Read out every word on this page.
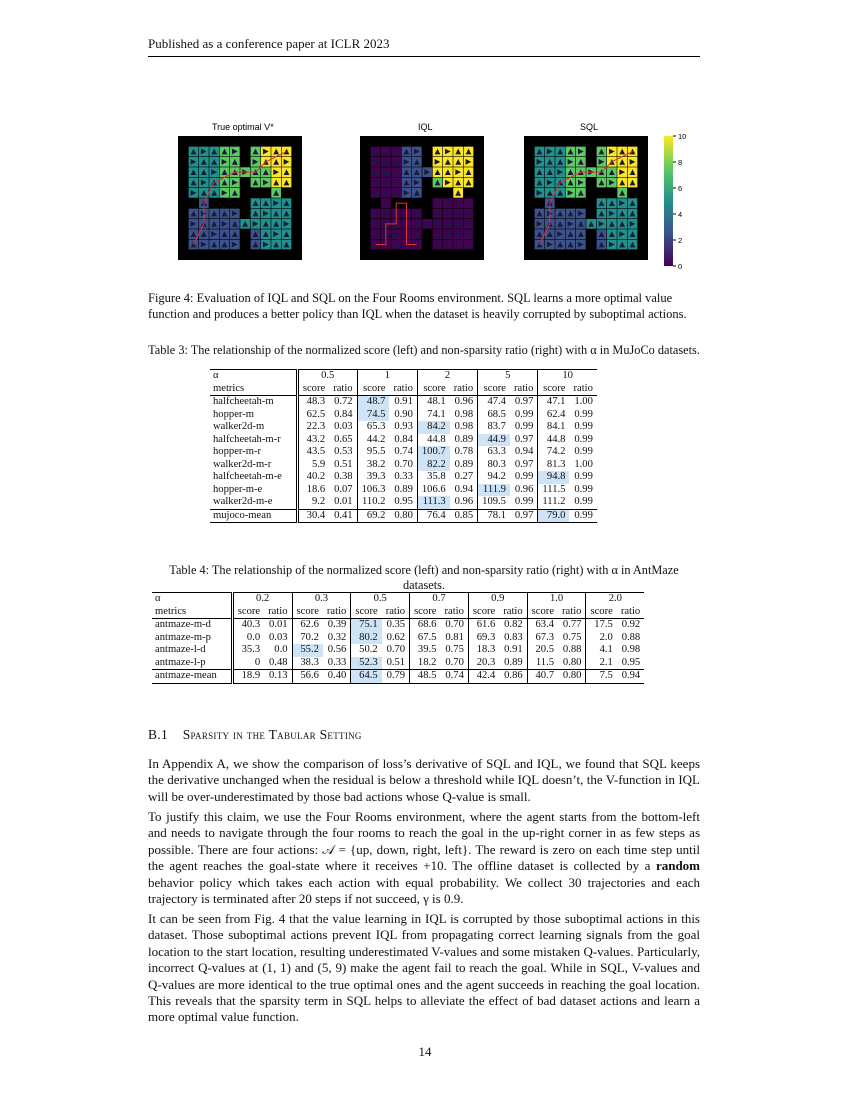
Published as a conference paper at ICLR 2023
True optimal V*	IQL	SQL
10
8
6
4
2
0
Figure 4: Evaluation of IQL and SQL on the Four Rooms environment. SQL learns a more optimal value function and produces a better policy than IQL when the dataset is heavily corrupted by suboptimal actions.
Table 3: The relationship of the normalized score (left) and non-sparsity ratio (right) with α in MuJoCo datasets.
α	0.5		1		2		5		10	
metrics	score	ratio	score	ratio	score	ratio	score	ratio	score	ratio
halfcheetah-m	48.3	0.72	48.7	0.91	48.1	0.96	47.4	0.97	47.1	1.00
hopper-m	62.5	0.84	74.5	0.90	74.1	0.98	68.5	0.99	62.4	0.99
walker2d-m	22.3	0.03	65.3	0.93	84.2	0.98	83.7	0.99	84.1	0.99
halfcheetah-m-r	43.2	0.65	44.2	0.84	44.8	0.89	44.9	0.97	44.8	0.99
hopper-m-r	43.5	0.53	95.5	0.74	100.7	0.78	63.3	0.94	74.2	0.99
walker2d-m-r	5.9	0.51	38.2	0.70	82.2	0.89	80.3	0.97	81.3	1.00
halfcheetah-m-e	40.2	0.38	39.3	0.33	35.8	0.27	94.2	0.99	94.8	0.99
hopper-m-e	18.6	0.07	106.3	0.89	106.6	0.94	111.9	0.96	111.5	0.99
walker2d-m-e	9.2	0.01	110.2	0.95	111.3	0.96	109.5	0.99	111.2	0.99
mujoco-mean	30.4	0.41	69.2	0.80	76.4	0.85	78.1	0.97	79.0	0.99
Table 4: The relationship of the normalized score (left) and non-sparsity ratio (right) with α in AntMaze datasets.
α	0.2		0.3		0.5		0.7		0.9		1.0		2.0	
metrics	score	ratio	score	ratio	score	ratio	score	ratio	score	ratio	score	ratio	score	ratio
antmaze-m-d	40.3	0.01	62.6	0.39	75.1	0.35	68.6	0.70	61.6	0.82	63.4	0.77	17.5	0.92
antmaze-m-p	0.0	0.03	70.2	0.32	80.2	0.62	67.5	0.81	69.3	0.83	67.3	0.75	2.0	0.88
antmaze-l-d	35.3	0.0	55.2	0.56	50.2	0.70	39.5	0.75	18.3	0.91	20.5	0.88	4.1	0.98
antmaze-l-p	0	0.48	38.3	0.33	52.3	0.51	18.2	0.70	20.3	0.89	11.5	0.80	2.1	0.95
antmaze-mean	18.9	0.13	56.6	0.40	64.5	0.79	48.5	0.74	42.4	0.86	40.7	0.80	7.5	0.94
B.1 Sparsity in the Tabular Setting

In Appendix A, we show the comparison of loss’s derivative of SQL and IQL, we found that SQL keeps the derivative unchanged when the residual is below a threshold while IQL doesn’t, the V-function in IQL will be over-underestimated by those bad actions whose Q-value is small.

To justify this claim, we use the Four Rooms environment, where the agent starts from the bottom-left and needs to navigate through the four rooms to reach the goal in the up-right corner in as few steps as possible. There are four actions: 𝒜 = {up, down, right, left}. The reward is zero on each time step until the agent reaches the goal-state where it receives +10. The offline dataset is collected by a random behavior policy which takes each action with equal probability. We collect 30 trajectories and each trajectory is terminated after 20 steps if not succeed, γ is 0.9.

It can be seen from Fig. 4 that the value learning in IQL is corrupted by those suboptimal actions in this dataset. Those suboptimal actions prevent IQL from propagating correct learning signals from the goal location to the start location, resulting underestimated V-values and some mistaken Q-values. Particularly, incorrect Q-values at (1, 1) and (5, 9) make the agent fail to reach the goal. While in SQL, V-values and Q-values are more identical to the true optimal ones and the agent succeeds in reaching the goal location. This reveals that the sparsity term in SQL helps to alleviate the effect of bad dataset actions and learn a more optimal value function.

14
